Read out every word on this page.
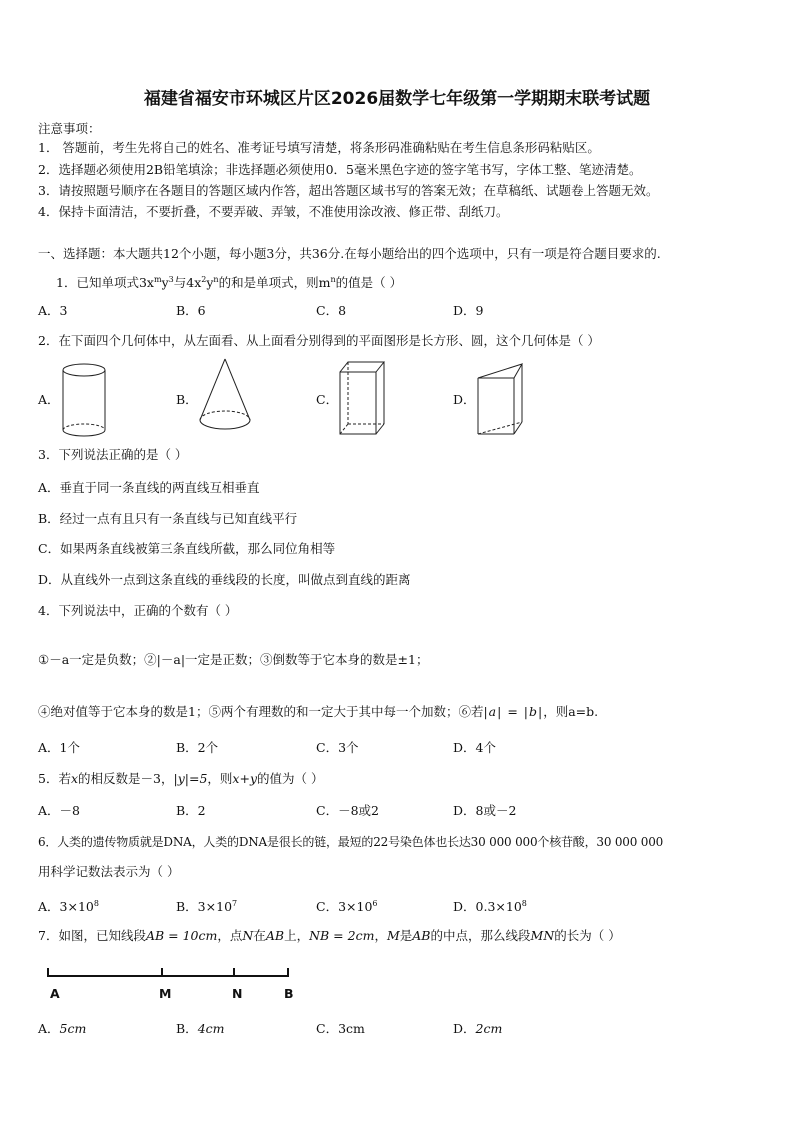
福建省福安市环城区片区2026届数学七年级第一学期期末联考试题
注意事项：
1． 答题前，考生先将自己的姓名、准考证号填写清楚，将条形码准确粘贴在考生信息条形码粘贴区。
2．选择题必须使用2B铅笔填涂；非选择题必须使用0．5毫米黑色字迹的签字笔书写，字体工整、笔迹清楚。
3．请按照题号顺序在各题目的答题区域内作答，超出答题区域书写的答案无效；在草稿纸、试题卷上答题无效。
4．保持卡面清洁，不要折叠，不要弄破、弄皱，不准使用涂改液、修正带、刮纸刀。
一、选择题：本大题共12个小题，每小题3分，共36分.在每小题给出的四个选项中，只有一项是符合题目要求的.
1．已知单项式$3x^my^3$与$4x^2y^n$的和是单项式，则$m^n$的值是（ ）
A．3	B．6	C．8	D．9
2．在下面四个几何体中，从左面看、从上面看分别得到的平面图形是长方形、圆，这个几何体是（ ）
A．	B．	C．	D．
3．下列说法正确的是（ ）
A．垂直于同一条直线的两直线互相垂直
B．经过一点有且只有一条直线与已知直线平行
C．如果两条直线被第三条直线所截，那么同位角相等
D．从直线外一点到这条直线的垂线段的长度，叫做点到直线的距离
4．下列说法中，正确的个数有（ ）
①－a一定是负数；②|－a|一定是正数；③倒数等于它本身的数是±1；
④绝对值等于它本身的数是1；⑤两个有理数的和一定大于其中每一个加数；⑥若|a| = |b|，则a=b.
A．1个	B．2个	C．3个	D．4个
5．若x的相反数是－3，|y|=5，则x+y的值为（ ）
A．－8	B．2	C．－8或2	D．8或－2
6．人类的遗传物质就是DNA，人类的DNA是很长的链，最短的22号染色体也长达30 000 000个核苷酸，30 000 000
用科学记数法表示为（ ）
A．$3\times 10^8$	B．$3\times 10^7$	C．$3\times 10^6$	D．$0.3\times 10^8$
7．如图，已知线段AB = 10cm，点N在AB上，NB = 2cm，M是AB的中点，那么线段MN的长为（ ）
A	M	N	B
A．5cm	B．4cm	C．3cm	D．2cm
